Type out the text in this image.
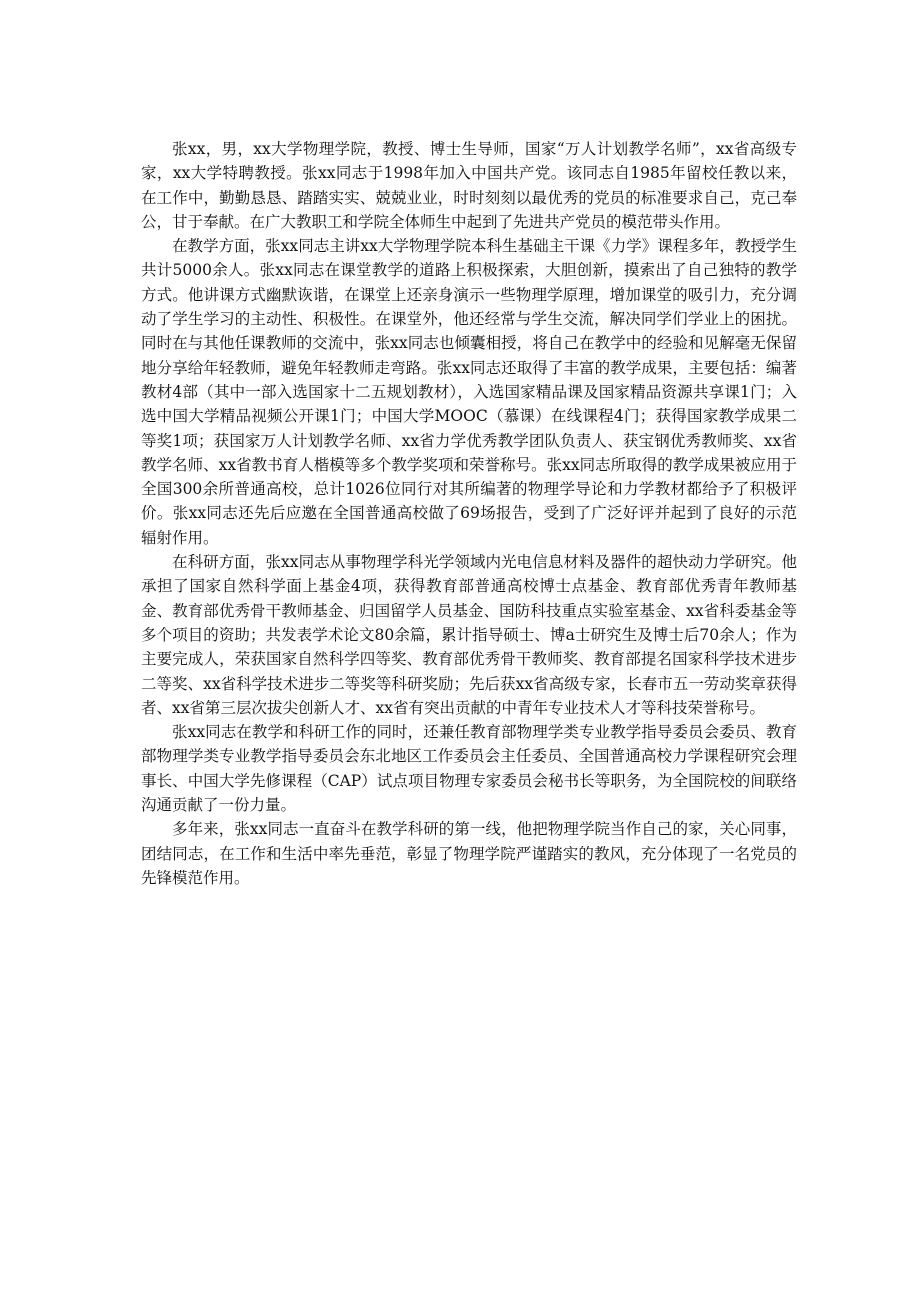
张xx，男，xx大学物理学院，教授、博士生导师，国家“万人计划教学名师”，xx省高级专家，xx大学特聘教授。张xx同志于1998年加入中国共产党。该同志自1985年留校任教以来，在工作中，勤勤恳恳、踏踏实实、兢兢业业，时时刻刻以最优秀的党员的标准要求自己，克己奉公，甘于奉献。在广大教职工和学院全体师生中起到了先进共产党员的模范带头作用。

在教学方面，张xx同志主讲xx大学物理学院本科生基础主干课《力学》课程多年，教授学生共计5000余人。张xx同志在课堂教学的道路上积极探索，大胆创新，摸索出了自己独特的教学方式。他讲课方式幽默诙谐，在课堂上还亲身演示一些物理学原理，增加课堂的吸引力，充分调动了学生学习的主动性、积极性。在课堂外，他还经常与学生交流，解决同学们学业上的困扰。同时在与其他任课教师的交流中，张xx同志也倾囊相授，将自己在教学中的经验和见解毫无保留地分享给年轻教师，避免年轻教师走弯路。张xx同志还取得了丰富的教学成果，主要包括：编著教材4部（其中一部入选国家十二五规划教材），入选国家精品课及国家精品资源共享课1门；入选中国大学精品视频公开课1门；中国大学MOOC（慕课）在线课程4门；获得国家教学成果二等奖1项；获国家万人计划教学名师、xx省力学优秀教学团队负责人、获宝钢优秀教师奖、xx省教学名师、xx省教书育人楷模等多个教学奖项和荣誉称号。张xx同志所取得的教学成果被应用于全国300余所普通高校，总计1026位同行对其所编著的物理学导论和力学教材都给予了积极评价。张xx同志还先后应邀在全国普通高校做了69场报告，受到了广泛好评并起到了良好的示范辐射作用。

在科研方面，张xx同志从事物理学科光学领域内光电信息材料及器件的超快动力学研究。他承担了国家自然科学面上基金4项，获得教育部普通高校博士点基金、教育部优秀青年教师基金、教育部优秀骨干教师基金、归国留学人员基金、国防科技重点实验室基金、xx省科委基金等多个项目的资助；共发表学术论文80余篇，累计指导硕士、博a士研究生及博士后70余人；作为主要完成人，荣获国家自然科学四等奖、教育部优秀骨干教师奖、教育部提名国家科学技术进步二等奖、xx省科学技术进步二等奖等科研奖励；先后获xx省高级专家，长春市五一劳动奖章获得者、xx省第三层次拔尖创新人才、xx省有突出贡献的中青年专业技术人才等科技荣誉称号。

张xx同志在教学和科研工作的同时，还兼任教育部物理学类专业教学指导委员会委员、教育部物理学类专业教学指导委员会东北地区工作委员会主任委员、全国普通高校力学课程研究会理事长、中国大学先修课程（CAP）试点项目物理专家委员会秘书长等职务，为全国院校的间联络沟通贡献了一份力量。

多年来，张xx同志一直奋斗在教学科研的第一线，他把物理学院当作自己的家，关心同事，团结同志，在工作和生活中率先垂范，彰显了物理学院严谨踏实的教风，充分体现了一名党员的先锋模范作用。
